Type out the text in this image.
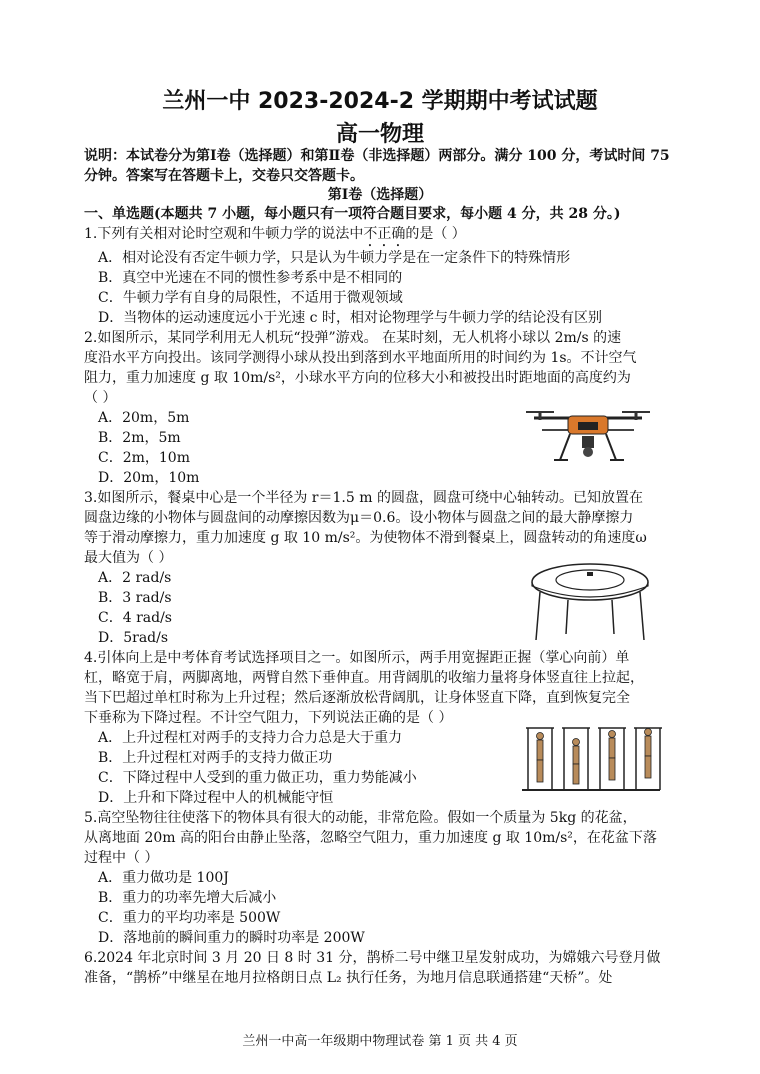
兰州一中 2023-2024-2 学期期中考试试题
高一物理
说明：本试卷分为第Ⅰ卷（选择题）和第Ⅱ卷（非选择题）两部分。满分 100 分，考试时间 75 分钟。答案写在答题卡上，交卷只交答题卡。
第Ⅰ卷（选择题）
一、单选题(本题共 7 小题，每小题只有一项符合题目要求，每小题 4 分，共 28 分。)
1.下列有关相对论时空观和牛顿力学的说法中不正确的是（ ）
A．相对论没有否定牛顿力学，只是认为牛顿力学是在一定条件下的特殊情形
B．真空中光速在不同的惯性参考系中是不相同的
C．牛顿力学有自身的局限性，不适用于微观领域
D．当物体的运动速度远小于光速 c 时，相对论物理学与牛顿力学的结论没有区别
2.如图所示，某同学利用无人机玩“投弹”游戏。 在某时刻，无人机将小球以 2m/s 的速
度沿水平方向投出。该同学测得小球从投出到落到水平地面所用的时间约为 1s。不计空气
阻力，重力加速度 g 取 10m/s²，小球水平方向的位移大小和被投出时距地面的高度约为
（ ）
A．20m，5m
B．2m，5m
C．2m，10m
D．20m，10m
3.如图所示，餐桌中心是一个半径为 r＝1.5 m 的圆盘，圆盘可绕中心轴转动。已知放置在
圆盘边缘的小物体与圆盘间的动摩擦因数为μ＝0.6。设小物体与圆盘之间的最大静摩擦力
等于滑动摩擦力，重力加速度 g 取 10 m/s²。为使物体不滑到餐桌上，圆盘转动的角速度ω
最大值为（ ）
A．2 rad/s
B．3 rad/s
C．4 rad/s
D．5rad/s
4.引体向上是中考体育考试选择项目之一。如图所示，两手用宽握距正握（掌心向前）单
杠，略宽于肩，两脚离地，两臂自然下垂伸直。用背阔肌的收缩力量将身体竖直往上拉起，
当下巴超过单杠时称为上升过程；然后逐渐放松背阔肌，让身体竖直下降，直到恢复完全
下垂称为下降过程。不计空气阻力，下列说法正确的是（ ）
A．上升过程杠对两手的支持力合力总是大于重力
B．上升过程杠对两手的支持力做正功
C．下降过程中人受到的重力做正功，重力势能减小
D．上升和下降过程中人的机械能守恒
5.高空坠物往往使落下的物体具有很大的动能，非常危险。假如一个质量为 5kg 的花盆，
从离地面 20m 高的阳台由静止坠落，忽略空气阻力，重力加速度 g 取 10m/s²，在花盆下落
过程中（ ）
A．重力做功是 100J
B．重力的功率先增大后减小
C．重力的平均功率是 500W
D．落地前的瞬间重力的瞬时功率是 200W
6.2024 年北京时间 3 月 20 日 8 时 31 分，鹊桥二号中继卫星发射成功，为嫦娥六号登月做
准备，“鹊桥”中继星在地月拉格朗日点 L₂ 执行任务，为地月信息联通搭建“天桥”。处
兰州一中高一年级期中物理试卷 第 1 页 共 4 页
